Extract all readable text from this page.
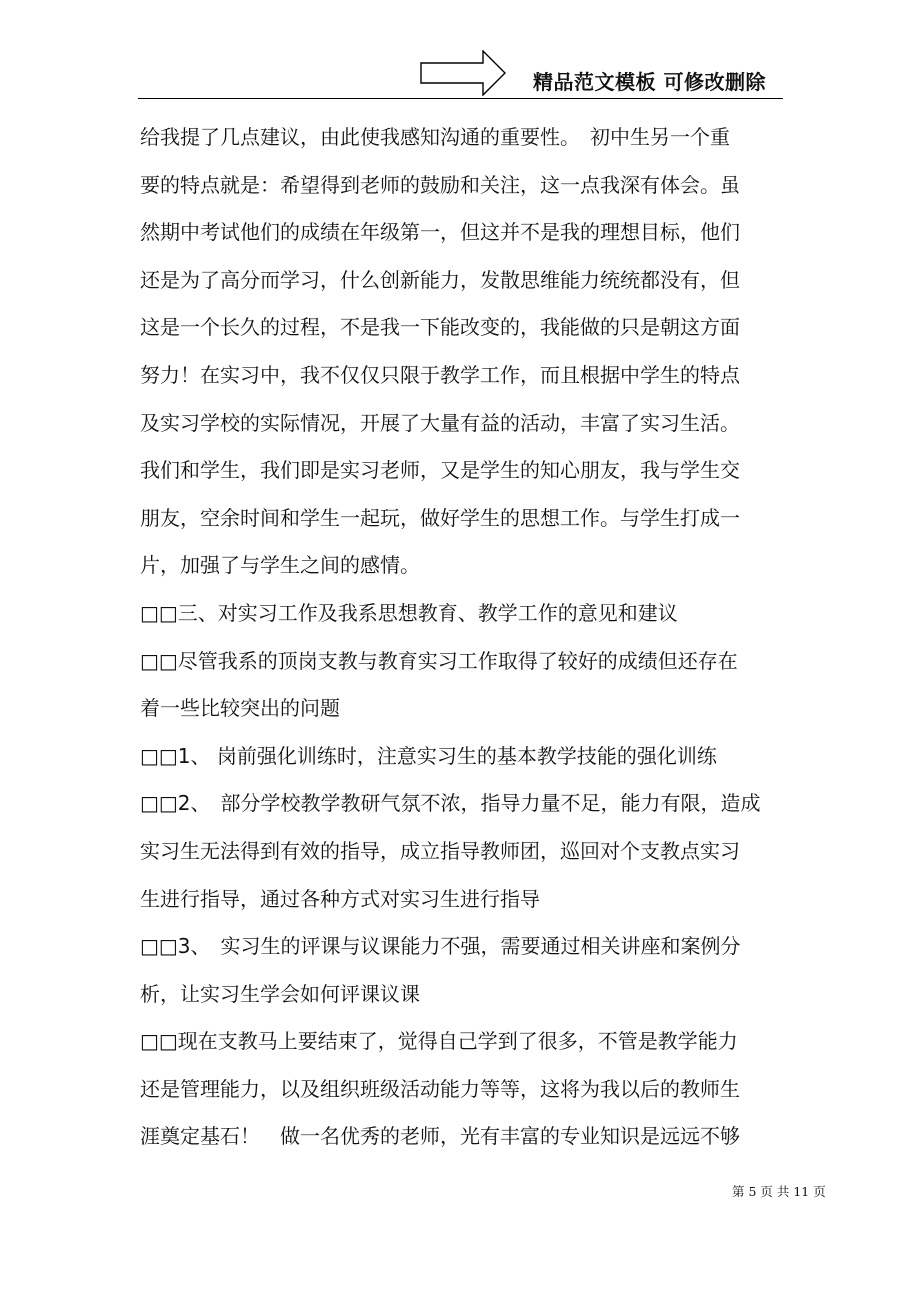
精品范文模板 可修改删除
给我提了几点建议，由此使我感知沟通的重要性。　初中生另一个重
要的特点就是：希望得到老师的鼓励和关注，这一点我深有体会。虽
然期中考试他们的成绩在年级第一，但这并不是我的理想目标，他们
还是为了高分而学习，什么创新能力，发散思维能力统统都没有，但
这是一个长久的过程，不是我一下能改变的，我能做的只是朝这方面
努力！在实习中，我不仅仅只限于教学工作，而且根据中学生的特点
及实习学校的实际情况，开展了大量有益的活动，丰富了实习生活。
我们和学生，我们即是实习老师，又是学生的知心朋友，我与学生交
朋友，空余时间和学生一起玩，做好学生的思想工作。与学生打成一
片，加强了与学生之间的感情。
□□三、对实习工作及我系思想教育、教学工作的意见和建议
□□尽管我系的顶岗支教与教育实习工作取得了较好的成绩但还存在
着一些比较突出的问题
□□1、 岗前强化训练时，注意实习生的基本教学技能的强化训练
□□2、　部分学校教学教研气氛不浓，指导力量不足，能力有限，造成
实习生无法得到有效的指导，成立指导教师团，巡回对个支教点实习
生进行指导，通过各种方式对实习生进行指导
□□3、　实习生的评课与议课能力不强，需要通过相关讲座和案例分
析，让实习生学会如何评课议课
□□现在支教马上要结束了，觉得自己学到了很多，不管是教学能力
还是管理能力，以及组织班级活动能力等等，这将为我以后的教师生
涯奠定基石！　做一名优秀的老师，光有丰富的专业知识是远远不够
第 5 页 共 11 页
